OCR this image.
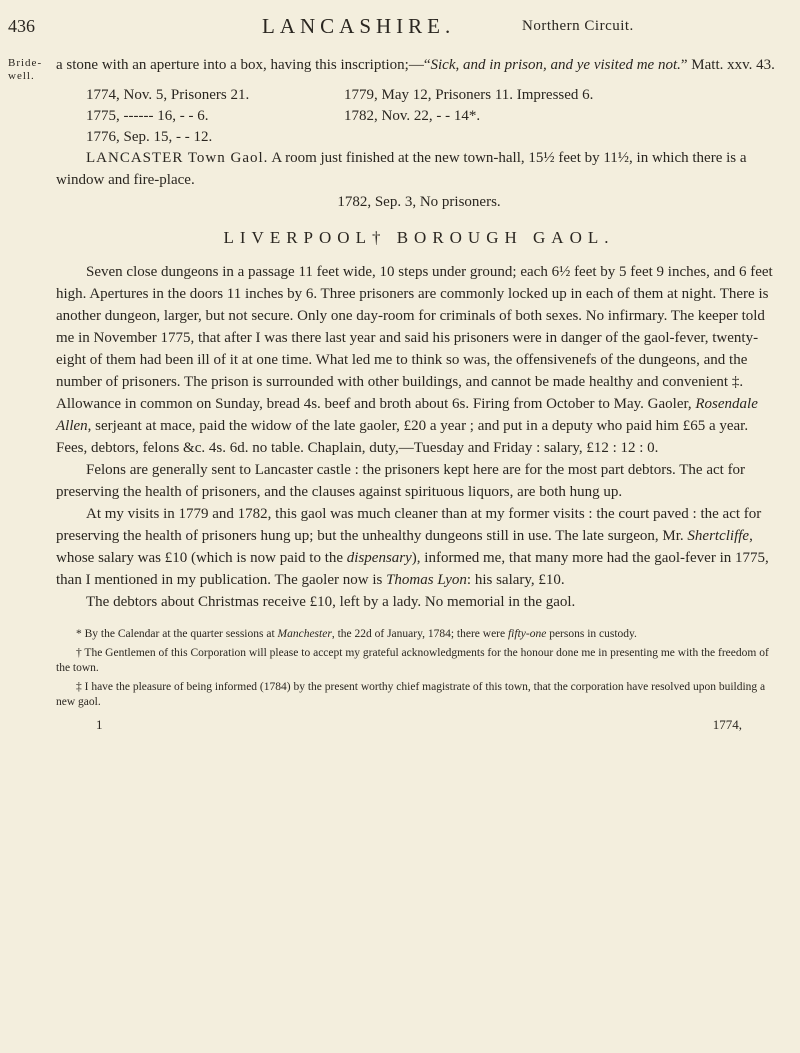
436	LANCASHIRE.	Northern Circuit.
Bride-
well.

a stone with an aperture into a box, having this inscription;—“Sick, and in prison, and ye visited me not.” Matt. xxv. 43.

1774, Nov. 5, Prisoners 21.	1779, May 12, Prisoners 11. Impressed 6.
1775, ------ 16, - - 6.	1782, Nov. 22, - - 14*.
1776, Sep. 15, - - 12.

LANCASTER Town Gaol. A room just finished at the new town-hall, 15½ feet by 11½, in which there is a window and fire-place.

1782, Sep. 3, No prisoners.

LIVERPOOL† BOROUGH GAOL.

Seven close dungeons in a passage 11 feet wide, 10 steps under ground; each 6½ feet by 5 feet 9 inches, and 6 feet high. Apertures in the doors 11 inches by 6. Three prisoners are commonly locked up in each of them at night. There is another dungeon, larger, but not secure. Only one day-room for criminals of both sexes. No infirmary. The keeper told me in November 1775, that after I was there last year and said his prisoners were in danger of the gaol-fever, twenty-eight of them had been ill of it at one time. What led me to think so was, the offensivenefs of the dungeons, and the number of prisoners. The prison is surrounded with other buildings, and cannot be made healthy and convenient ‡. Allowance in common on Sunday, bread 4s. beef and broth about 6s. Firing from October to May. Gaoler, Rosendale Allen, serjeant at mace, paid the widow of the late gaoler, £20 a year ; and put in a deputy who paid him £65 a year. Fees, debtors, felons &c. 4s. 6d. no table. Chaplain, duty,—Tuesday and Friday : salary, £12 : 12 : 0.

Felons are generally sent to Lancaster castle : the prisoners kept here are for the most part debtors. The act for preserving the health of prisoners, and the clauses against spirituous liquors, are both hung up.

At my visits in 1779 and 1782, this gaol was much cleaner than at my former visits : the court paved : the act for preserving the health of prisoners hung up; but the unhealthy dungeons still in use. The late surgeon, Mr. Shertcliffe, whose salary was £10 (which is now paid to the dispensary), informed me, that many more had the gaol-fever in 1775, than I mentioned in my publication. The gaoler now is Thomas Lyon: his salary, £10.

The debtors about Christmas receive £10, left by a lady. No memorial in the gaol.

* By the Calendar at the quarter sessions at Manchester, the 22d of January, 1784; there were fifty-one persons in custody.

† The Gentlemen of this Corporation will please to accept my grateful acknowledgments for the honour done me in presenting me with the freedom of the town.

‡ I have the pleasure of being informed (1784) by the present worthy chief magistrate of this town, that the corporation have resolved upon building a new gaol.

1	1774,
